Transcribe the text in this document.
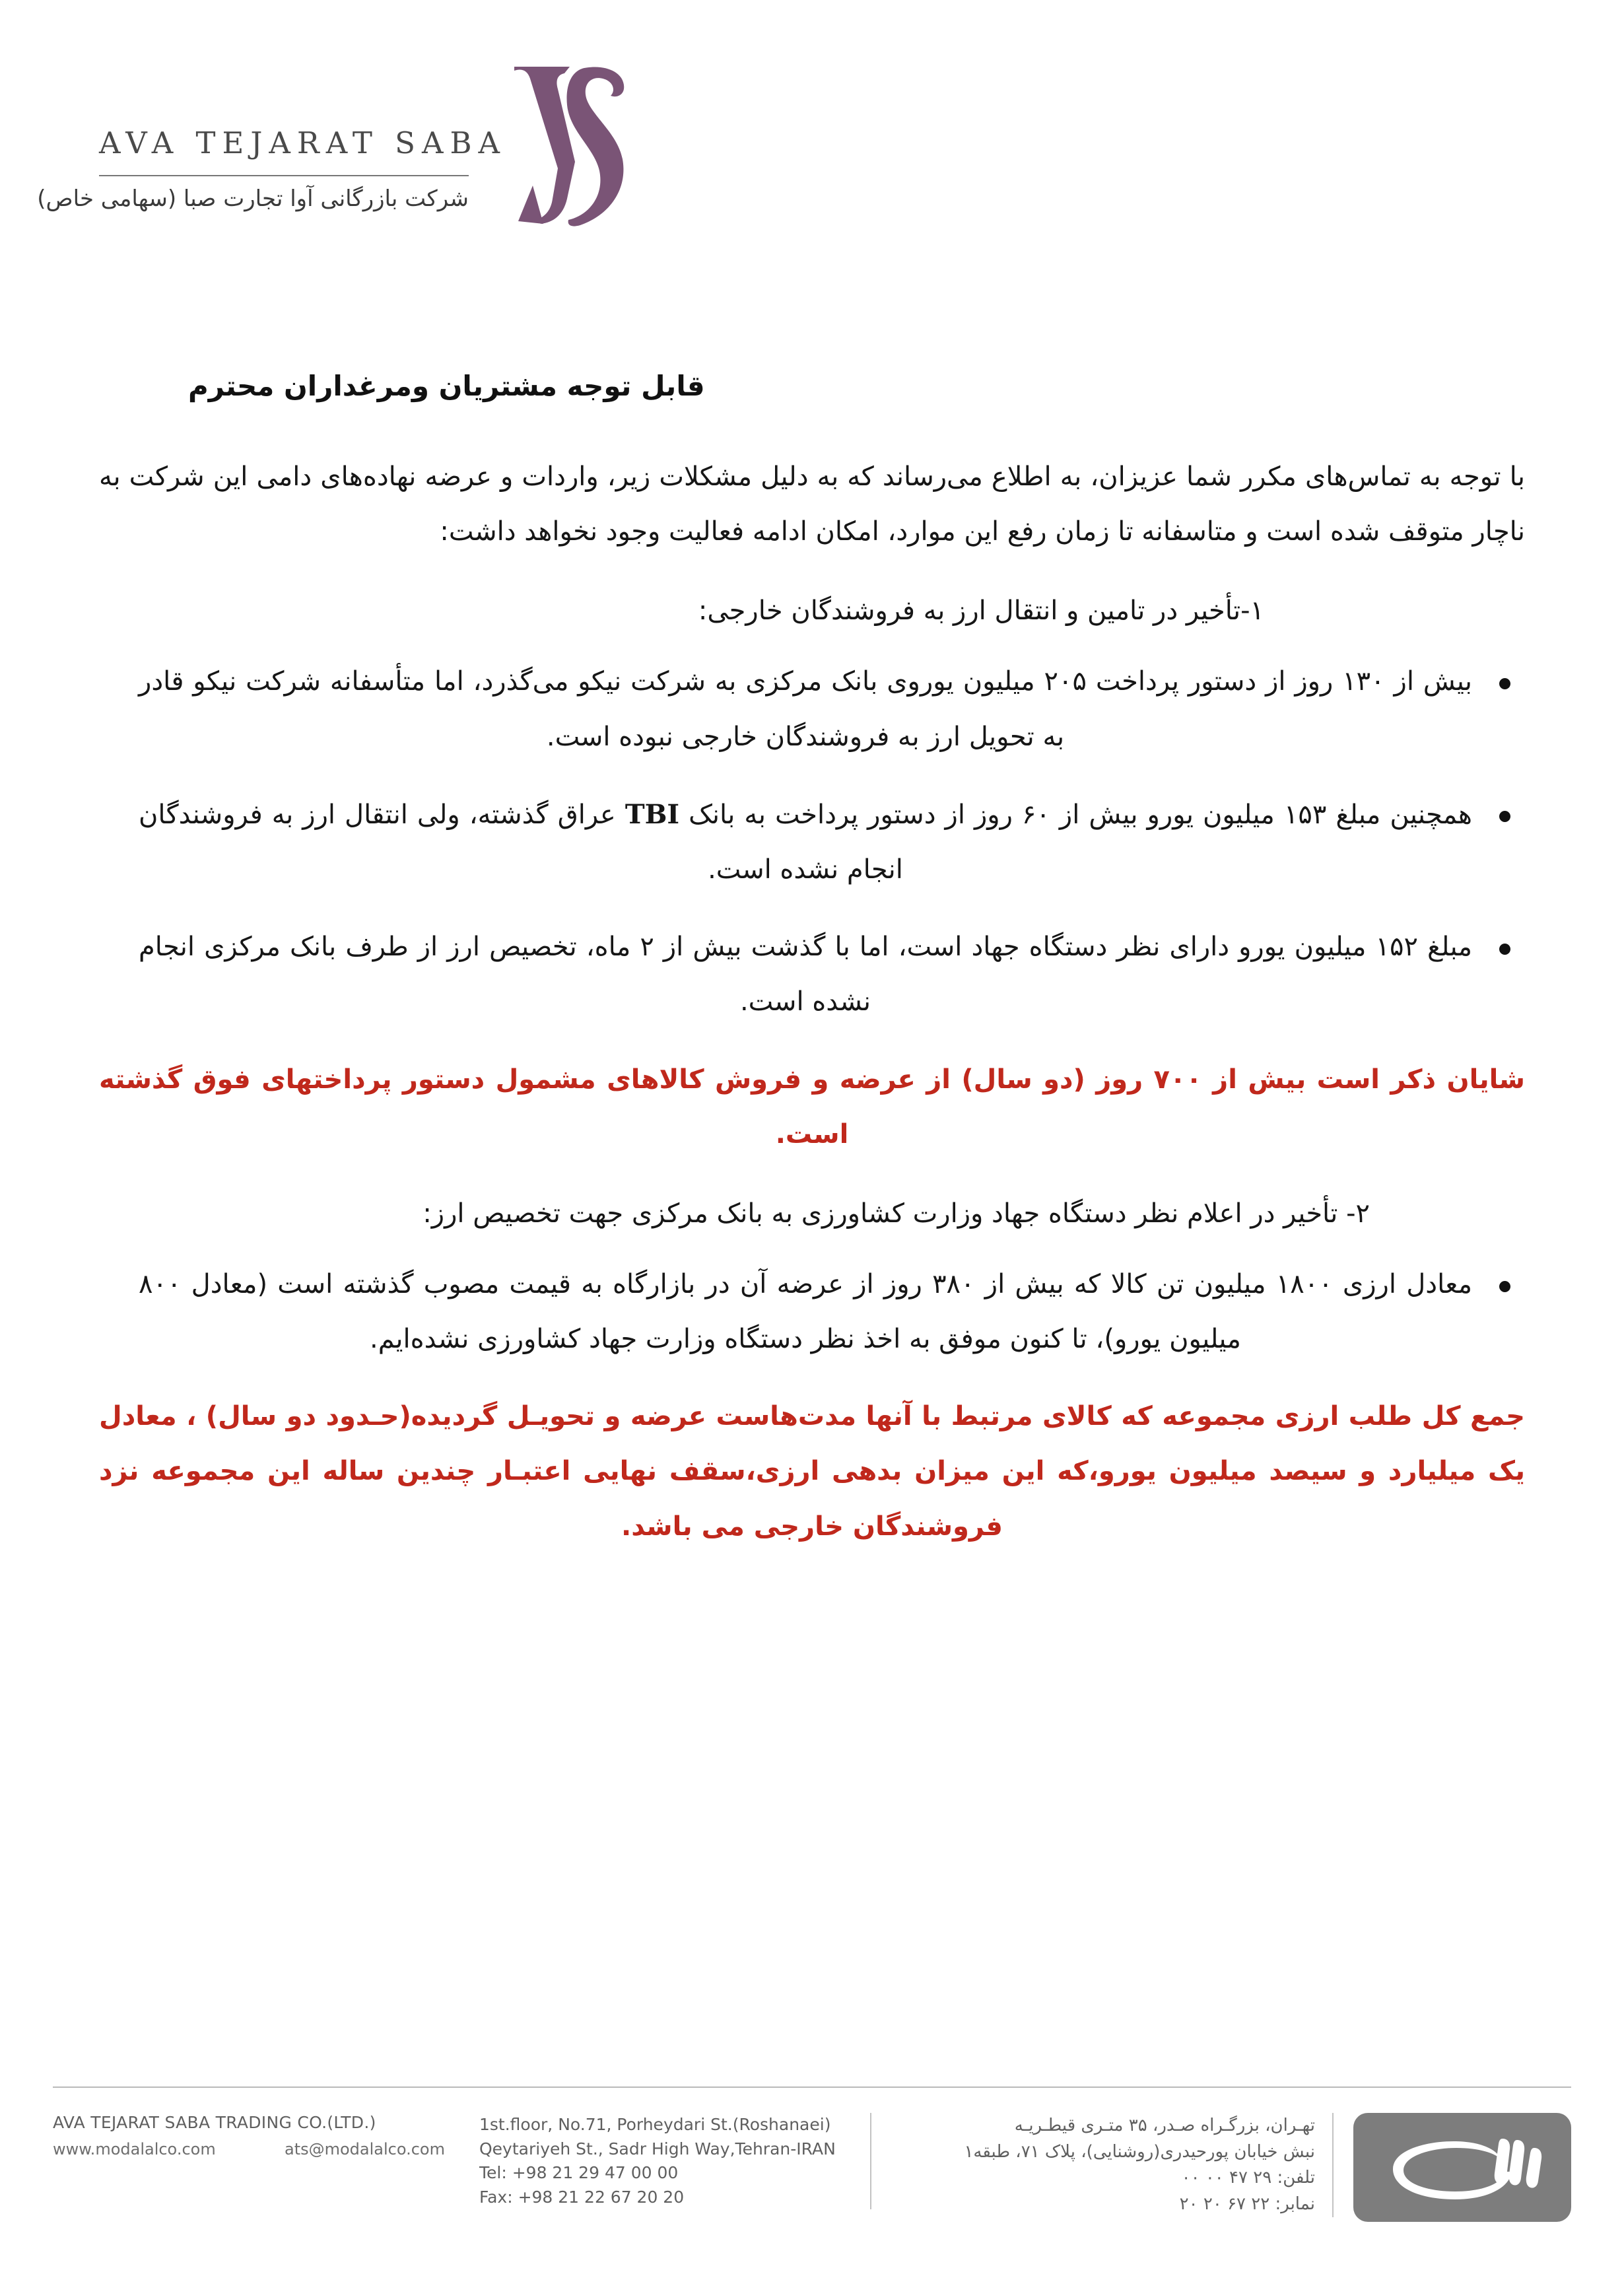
AVA TEJARAT SABA
شرکت بازرگانی آوا تجارت صبا (سهامی خاص)
قابل توجه مشتریان ومرغداران محترم

با توجه به تماس‌های مکرر شما عزیزان، به اطلاع می‌رساند که به دلیل مشکلات زیر، واردات و عرضه نهاده‌های دامی این شرکت به ناچار متوقف شده است و متاسفانه تا زمان رفع این موارد، امکان ادامه فعالیت وجود نخواهد داشت:

۱-تأخیر در تامین و انتقال ارز به فروشندگان خارجی:

بیش از ۱۳۰ روز از دستور پرداخت ۲۰۵ میلیون یوروی بانک مرکزی به شرکت نیکو می‌گذرد، اما متأسفانه شرکت نیکو قادر به تحویل ارز به فروشندگان خارجی نبوده است.
همچنین مبلغ ۱۵۳ میلیون یورو بیش از ۶۰ روز از دستور پرداخت به بانک TBI عراق گذشته، ولی انتقال ارز به فروشندگان انجام نشده است.
مبلغ ۱۵۲ میلیون یورو دارای نظر دستگاه جهاد است، اما با گذشت بیش از ۲ ماه، تخصیص ارز از طرف بانک مرکزی انجام نشده است.

شایان ذکر است بیش از ۷۰۰ روز (دو سال) از عرضه و فروش کالاهای مشمول دستور پرداختهای فوق گذشته است.

۲- تأخیر در اعلام نظر دستگاه جهاد وزارت کشاورزی به بانک مرکزی جهت تخصیص ارز:

معادل ارزی ۱۸۰۰ میلیون تن کالا که بیش از ۳۸۰ روز از عرضه آن در بازارگاه به قیمت مصوب گذشته است (معادل ۸۰۰ میلیون یورو)، تا کنون موفق به اخذ نظر دستگاه وزارت جهاد کشاورزی نشده‌ایم.

جمع کل طلب ارزی مجموعه که کالای مرتبط با آنها مدت‌هاست عرضه و تحویـل گردیده(حـدود دو سال) ، معادل یک میلیارد و سیصد میلیون یورو،که این میزان بدهی ارزی،سقف نهایی اعتبـار چندین ساله این مجموعه نزد فروشندگان خارجی می باشد.

AVA TEJARAT SABA TRADING CO.(LTD.)
www.modalalco.com	ats@modalalco.com
1st.floor, No.71, Porheydari St.(Roshanaei)
Qeytariyeh St., Sadr High Way,Tehran-IRAN
Tel: +98 21 29 47 00 00
Fax: +98 21 22 67 20 20
تهـران، بزرگـراه صـدر، ۳۵ متـری قیطـریـه
نبش خیابان پورحیدری(روشنایی)، پلاک ۷۱، طبقه۱
تلفن: ۲۹ ۴۷ ۰۰ ۰۰
نمابر: ۲۲ ۶۷ ۲۰ ۲۰
